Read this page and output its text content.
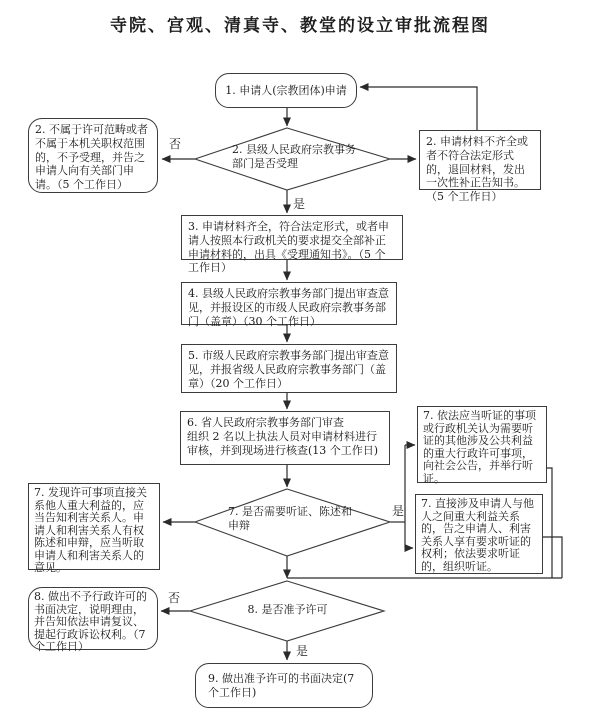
寺院、宫观、清真寺、教堂的设立审批流程图
1. 申请人(宗教团体)申请
2. 不属于许可范畴或者不属于本机关职权范围的，不予受理，并告之申请人向有关部门申请。（5 个工作日）
2. 申请材料不齐全或者不符合法定形式的，退回材料，发出一次性补正告知书。（5 个工作日）
3. 申请材料齐全，符合法定形式，或者申请人按照本行政机关的要求提交全部补正申请材料的，出具《受理通知书》。（5 个工作日）
4. 县级人民政府宗教事务部门提出审查意见，并报设区的市级人民政府宗教事务部门（盖章）（30 个工作日）
5. 市级人民政府宗教事务部门提出审查意见，并报省级人民政府宗教事务部门（盖章）（20 个工作日）
6. 省人民政府宗教事务部门审查
组织 2 名以上执法人员对申请材料进行审核，并到现场进行核查(13 个工作日)
7. 发现许可事项直接关系他人重大利益的，应当告知利害关系人。申请人和利害关系人有权陈述和申辩，应当听取申请人和利害关系人的意见。
7. 依法应当听证的事项或行政机关认为需要听证的其他涉及公共利益的重大行政许可事项，向社会公告，并举行听证。
7. 直接涉及申请人与他人之间重大利益关系的，告之申请人、利害关系人享有要求听证的权利；依法要求听证的，组织听证。
8. 做出不予行政许可的书面决定，说明理由，并告知依法申请复议、提起行政诉讼权利。（7 个工作日）
9. 做出准予许可的书面决定(7 个工作日)
2. 县级人民政府宗教事务部门是否受理
7. 是否需要听证、陈述和申辩
8. 是否准予许可
否
是
是
否
是
